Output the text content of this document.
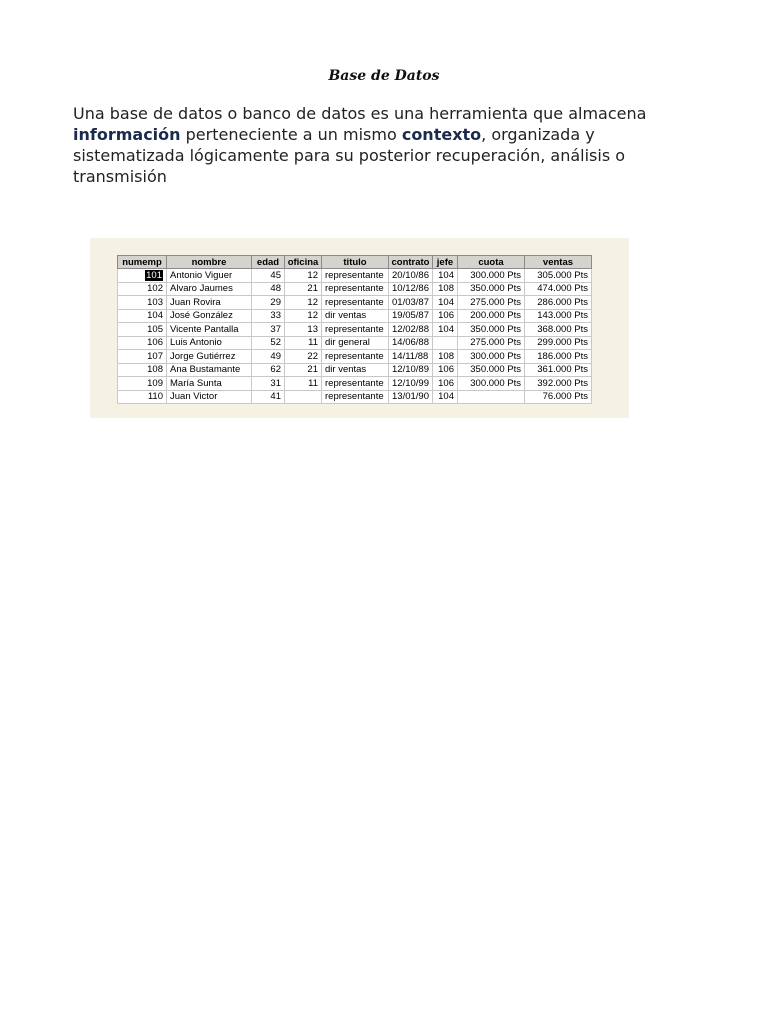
Base de Datos
Una base de datos o banco de datos es una herramienta que almacena información perteneciente a un mismo contexto, organizada y sistematizada lógicamente para su posterior recuperación, análisis o transmisión
numemp	nombre	edad	oficina	titulo	contrato	jefe	cuota	ventas
101	Antonio Viguer	45	12	representante	20/10/86	104	300.000 Pts	305.000 Pts
102	Alvaro Jaumes	48	21	representante	10/12/86	108	350.000 Pts	474.000 Pts
103	Juan Rovira	29	12	representante	01/03/87	104	275.000 Pts	286.000 Pts
104	José González	33	12	dir ventas	19/05/87	106	200.000 Pts	143.000 Pts
105	Vicente Pantalla	37	13	representante	12/02/88	104	350.000 Pts	368.000 Pts
106	Luis Antonio	52	11	dir general	14/06/88		275.000 Pts	299.000 Pts
107	Jorge Gutiérrez	49	22	representante	14/11/88	108	300.000 Pts	186.000 Pts
108	Ana Bustamante	62	21	dir ventas	12/10/89	106	350.000 Pts	361.000 Pts
109	María Sunta	31	11	representante	12/10/99	106	300.000 Pts	392.000 Pts
110	Juan Victor	41		representante	13/01/90	104		76.000 Pts
